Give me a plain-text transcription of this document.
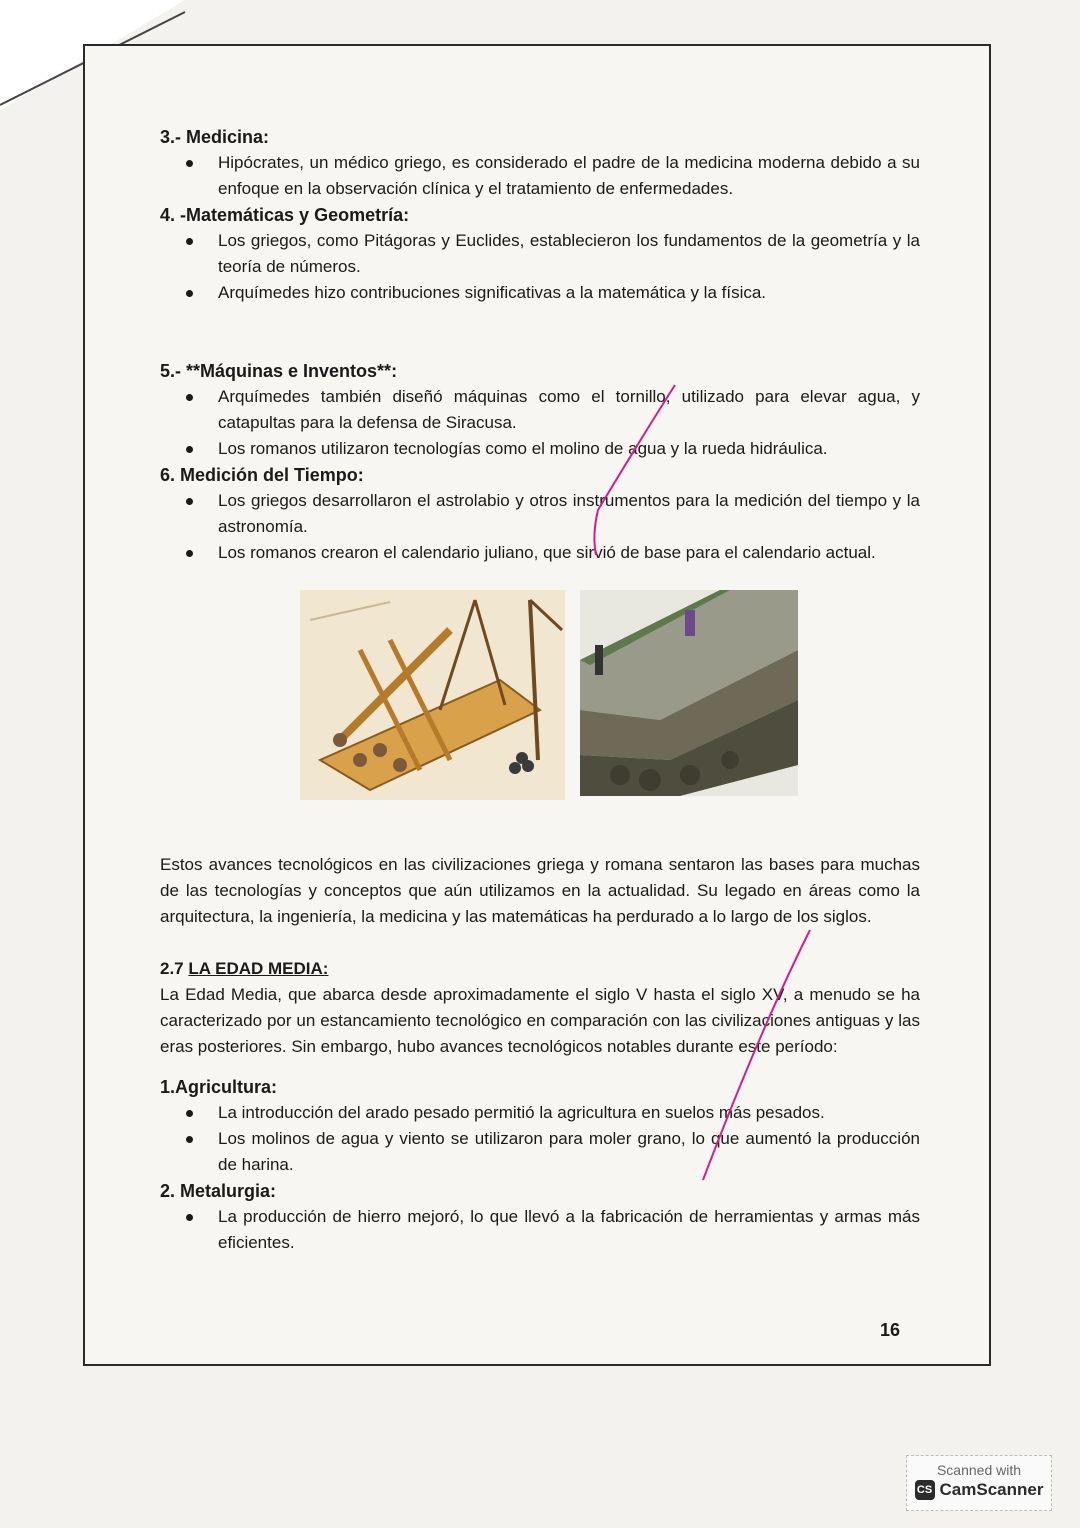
3.- Medicina:

Hipócrates, un médico griego, es considerado el padre de la medicina moderna debido a su enfoque en la observación clínica y el tratamiento de enfermedades.

4. -Matemáticas y Geometría:

Los griegos, como Pitágoras y Euclides, establecieron los fundamentos de la geometría y la teoría de números.
Arquímedes hizo contribuciones significativas a la matemática y la física.

5.- **Máquinas e Inventos**:

Arquímedes también diseñó máquinas como el tornillo, utilizado para elevar agua, y catapultas para la defensa de Siracusa.
Los romanos utilizaron tecnologías como el molino de agua y la rueda hidráulica.

6. Medición del Tiempo:

Los griegos desarrollaron el astrolabio y otros instrumentos para la medición del tiempo y la astronomía.
Los romanos crearon el calendario juliano, que sirvió de base para el calendario actual.

Estos avances tecnológicos en las civilizaciones griega y romana sentaron las bases para muchas de las tecnologías y conceptos que aún utilizamos en la actualidad. Su legado en áreas como la arquitectura, la ingeniería, la medicina y las matemáticas ha perdurado a lo largo de los siglos.

2.7 LA EDAD MEDIA:

La Edad Media, que abarca desde aproximadamente el siglo V hasta el siglo XV, a menudo se ha caracterizado por un estancamiento tecnológico en comparación con las civilizaciones antiguas y las eras posteriores. Sin embargo, hubo avances tecnológicos notables durante este período:

1.Agricultura:

La introducción del arado pesado permitió la agricultura en suelos más pesados.
Los molinos de agua y viento se utilizaron para moler grano, lo que aumentó la producción de harina.

2. Metalurgia:

La producción de hierro mejoró, lo que llevó a la fabricación de herramientas y armas más eficientes.
16
Scanned with
CS CamScanner
